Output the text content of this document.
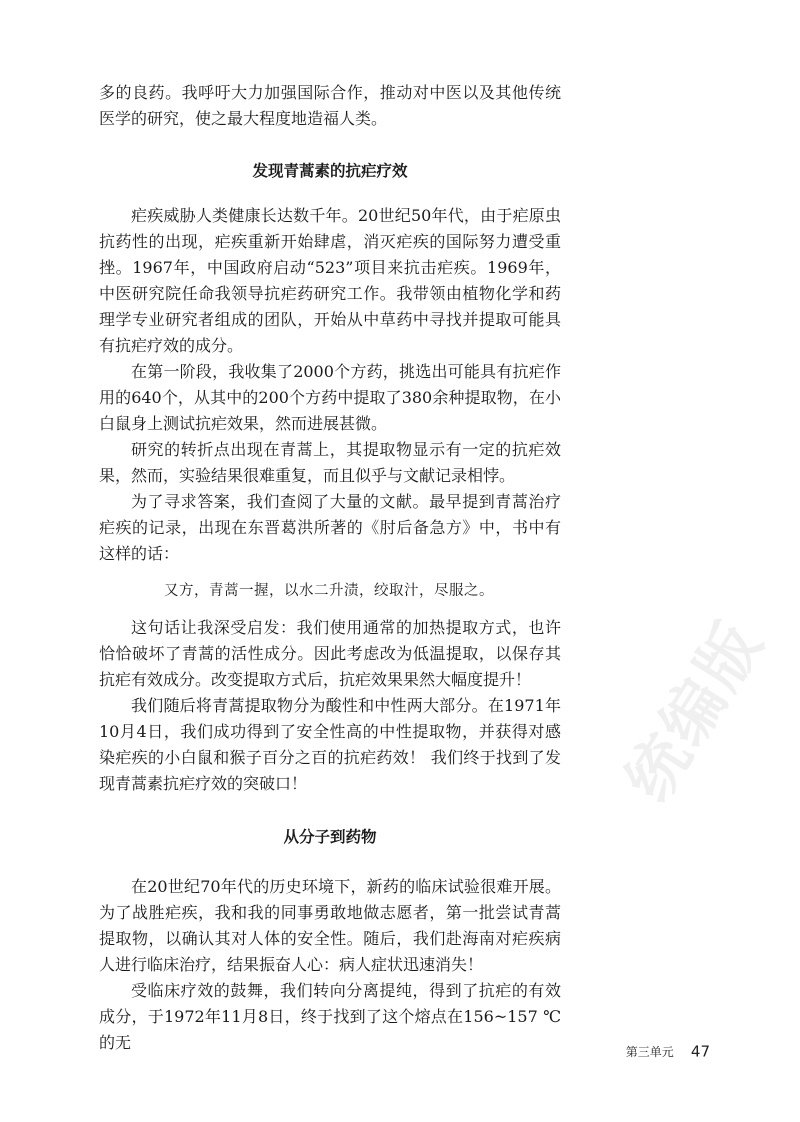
多的良药。我呼吁大力加强国际合作，推动对中医以及其他传统医学的研究，使之最大程度地造福人类。

发现青蒿素的抗疟疗效

疟疾威胁人类健康长达数千年。20世纪50年代，由于疟原虫抗药性的出现，疟疾重新开始肆虐，消灭疟疾的国际努力遭受重挫。1967年，中国政府启动“523”项目来抗击疟疾。1969年，中医研究院任命我领导抗疟药研究工作。我带领由植物化学和药理学专业研究者组成的团队，开始从中草药中寻找并提取可能具有抗疟疗效的成分。

在第一阶段，我收集了2000个方药，挑选出可能具有抗疟作用的640个，从其中的200个方药中提取了380余种提取物，在小白鼠身上测试抗疟效果，然而进展甚微。

研究的转折点出现在青蒿上，其提取物显示有一定的抗疟效果，然而，实验结果很难重复，而且似乎与文献记录相悖。

为了寻求答案，我们查阅了大量的文献。最早提到青蒿治疗疟疾的记录，出现在东晋葛洪所著的《肘后备急方》中，书中有这样的话：

又方，青蒿一握，以水二升渍，绞取汁，尽服之。

这句话让我深受启发：我们使用通常的加热提取方式，也许恰恰破坏了青蒿的活性成分。因此考虑改为低温提取，以保存其抗疟有效成分。改变提取方式后，抗疟效果果然大幅度提升！

我们随后将青蒿提取物分为酸性和中性两大部分。在1971年10月4日，我们成功得到了安全性高的中性提取物，并获得对感染疟疾的小白鼠和猴子百分之百的抗疟药效！ 我们终于找到了发现青蒿素抗疟疗效的突破口！

从分子到药物

在20世纪70年代的历史环境下，新药的临床试验很难开展。为了战胜疟疾，我和我的同事勇敢地做志愿者，第一批尝试青蒿提取物，以确认其对人体的安全性。随后，我们赴海南对疟疾病人进行临床治疗，结果振奋人心：病人症状迅速消失！

受临床疗效的鼓舞，我们转向分离提纯，得到了抗疟的有效成分，于1972年11月8日，终于找到了这个熔点在156~157 ℃的无

统编版
第三单元 47
